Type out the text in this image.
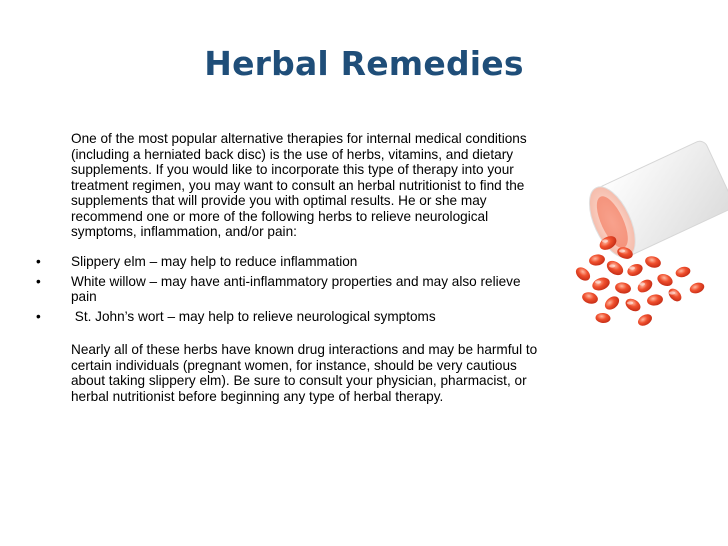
Herbal Remedies

One of the most popular alternative therapies for internal medical conditions (including a herniated back disc) is the use of herbs, vitamins, and dietary supplements. If you would like to incorporate this type of therapy into your treatment regimen, you may want to consult an herbal nutritionist to find the supplements that will provide you with optimal results. He or she may recommend one or more of the following herbs to relieve neurological symptoms, inflammation, and/or pain:

• Slippery elm – may help to reduce inflammation
• White willow – may have anti-inflammatory properties and may also relieve pain
• St. John’s wort – may help to relieve neurological symptoms

Nearly all of these herbs have known drug interactions and may be harmful to certain individuals (pregnant women, for instance, should be very cautious about taking slippery elm). Be sure to consult your physician, pharmacist, or herbal nutritionist before beginning any type of herbal therapy.
